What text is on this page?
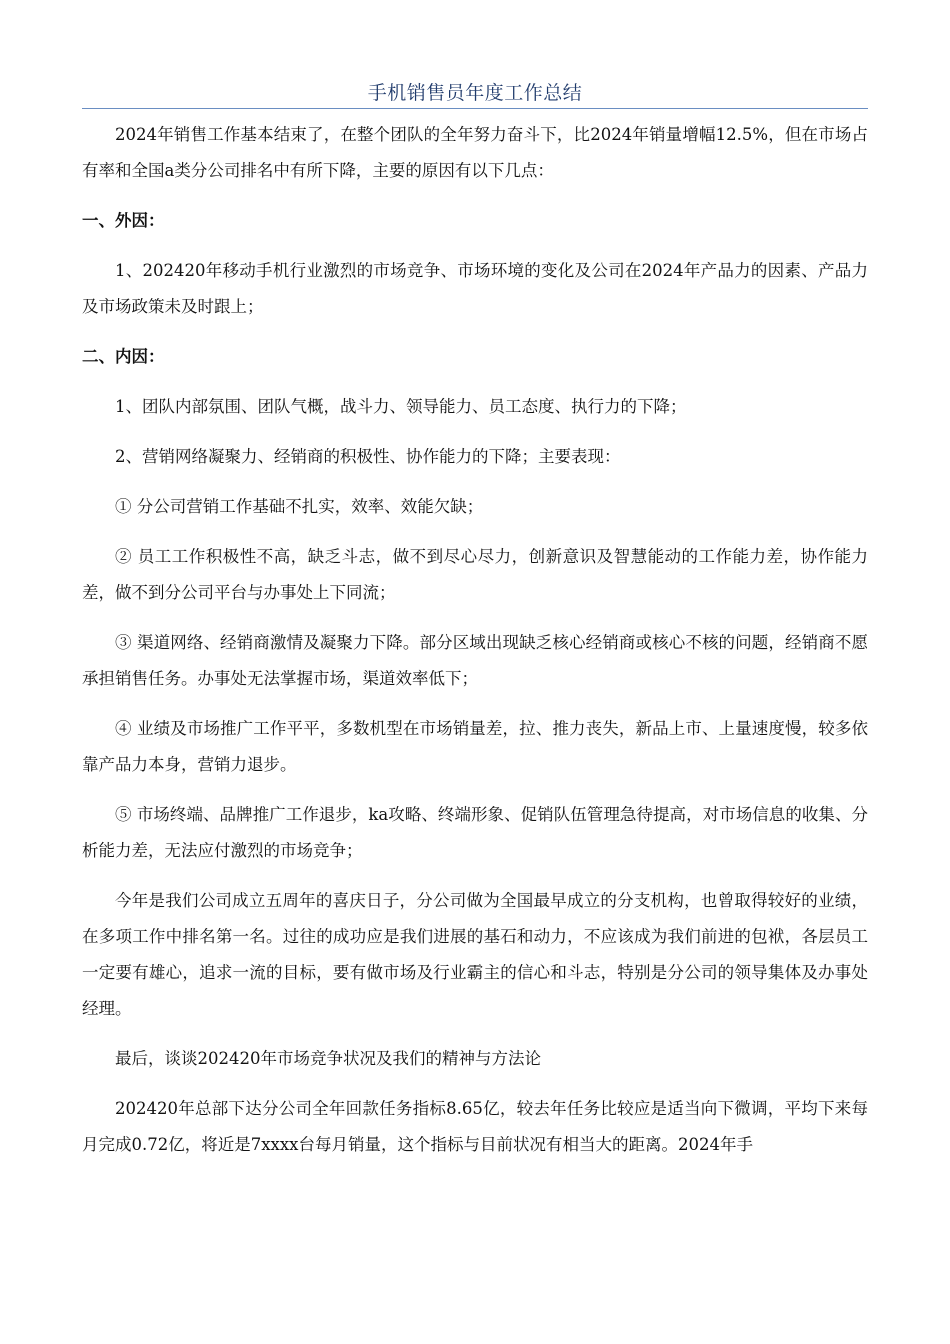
手机销售员年度工作总结

2024年销售工作基本结束了，在整个团队的全年努力奋斗下，比2024年销量增幅12.5%，但在市场占有率和全国a类分公司排名中有所下降，主要的原因有以下几点：

一、外因：

1、202420年移动手机行业激烈的市场竞争、市场环境的变化及公司在2024年产品力的因素、产品力及市场政策未及时跟上；

二、内因：

1、团队内部氛围、团队气概，战斗力、领导能力、员工态度、执行力的下降；

2、营销网络凝聚力、经销商的积极性、协作能力的下降；主要表现：

① 分公司营销工作基础不扎实，效率、效能欠缺；

② 员工工作积极性不高，缺乏斗志，做不到尽心尽力，创新意识及智慧能动的工作能力差，协作能力差，做不到分公司平台与办事处上下同流；

③ 渠道网络、经销商激情及凝聚力下降。部分区域出现缺乏核心经销商或核心不核的问题，经销商不愿承担销售任务。办事处无法掌握市场，渠道效率低下；

④ 业绩及市场推广工作平平，多数机型在市场销量差，拉、推力丧失，新品上市、上量速度慢，较多依靠产品力本身，营销力退步。

⑤ 市场终端、品牌推广工作退步，ka攻略、终端形象、促销队伍管理急待提高，对市场信息的收集、分析能力差，无法应付激烈的市场竞争；

今年是我们公司成立五周年的喜庆日子，分公司做为全国最早成立的分支机构，也曾取得较好的业绩，在多项工作中排名第一名。过往的成功应是我们进展的基石和动力，不应该成为我们前进的包袱，各层员工一定要有雄心，追求一流的目标，要有做市场及行业霸主的信心和斗志，特别是分公司的领导集体及办事处经理。

最后，谈谈202420年市场竞争状况及我们的精神与方法论

202420年总部下达分公司全年回款任务指标8.65亿，较去年任务比较应是适当向下微调，平均下来每月完成0.72亿，将近是7xxxx台每月销量，这个指标与目前状况有相当大的距离。2024年手
